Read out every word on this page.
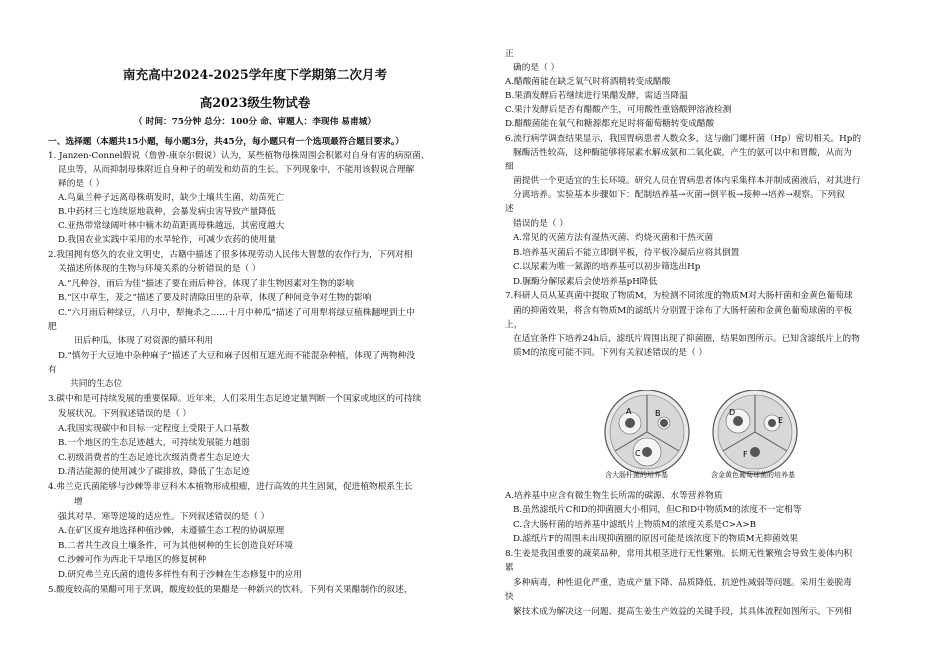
南充高中2024-2025学年度下学期第二次月考
高2023级生物试卷
（ 时间：75分钟 总分：100分 命、审题人：李现伟 易甫城）
一、选择题（本题共15小题，每小题3分，共45分，每小题只有一个选项最符合题目要求。）
1. Janzen-Connel假说（詹曾-康奈尔假说）认为，某些植物母株周围会积累对自身有害的病原菌、
昆虫等，从而抑制母株附近自身种子的萌发和幼苗的生长。下列现象中，不能用该假说合理解
释的是（ ）
A.鸟巢兰种子远离母株萌发时，缺少土壤共生菌，幼苗死亡
B.中药材三七连续原地栽种，会暴发病虫害导致产量降低
C.亚热带常绿阔叶林中楠木幼苗距离母株越远，其密度越大
D.我国农业实践中采用的水旱轮作，可减少农药的使用量
2.我国拥有悠久的农业文明史，古籍中描述了很多体现劳动人民伟大智慧的农作行为，下列对相
关描述所体现的生物与环境关系的分析错误的是（ ）
A.“凡种谷，雨后为佳”描述了要在雨后种谷，体现了非生物因素对生物的影响
B.“区中草生，茇之”描述了要及时清除田里的杂草，体现了种间竞争对生物的影响
C.“六月雨后种绿豆，八月中，犁掩杀之……十月中种瓜”描述了可用犁将绿豆植株翻埋到土中
肥
田后种瓜，体现了对资源的循环利用
D.“慎勿于大豆地中杂种麻子”描述了大豆和麻子因相互遮光而不能混杂种植，体现了两物种没
有
共同的生态位
3.碳中和是可持续发展的重要保障。近年来，人们采用生态足迹定量判断一个国家或地区的可持续
发展状况。下列叙述错误的是（ ）
A.我国实现碳中和目标一定程度上受限于人口基数
B.一个地区的生态足迹越大，可持续发展能力越弱
C.初级消费者的生态足迹比次级消费者生态足迹大
D.清洁能源的使用减少了碳排放，降低了生态足迹
4.弗兰克氏菌能够与沙棘等非豆科木本植物形成根瘤，进行高效的共生固氮，促进植物根系生长
增
强其对旱、寒等逆境的适应性。下列叙述错误的是（ ）
A.在矿区废弃地选择种植沙棘，未遵循生态工程的协调原理
B.二者共生改良土壤条件，可为其他树种的生长创造良好环境
C.沙棘可作为西北干旱地区的修复树种
D.研究弗兰克氏菌的遗传多样性有利于沙棘在生态修复中的应用
5.酸度较高的果醋可用于烹调，酸度较低的果醋是一种新兴的饮料。下列有关果醋制作的叙述，
正
确的是（ ）
A.醋酸菌能在缺乏氧气时将酒精转变成醋酸
B.果酒发酵后若继续进行果醋发酵，需适当降温
C.果汁发酵后是否有醋酸产生，可用酸性重铬酸钾溶液检测
D.醋酸菌能在氧气和糖源都充足时将葡萄糖转变成醋酸
6.流行病学调查结果显示，我国胃病患者人数众多，这与幽门螺杆菌（Hp）密切相关。Hp的
脲酶活性较高，这种酶能够将尿素水解成氨和二氧化碳，产生的氨可以中和胃酸，从而为
细
菌提供一个更适宜的生长环境。研究人员在胃病患者体内采集样本并制成菌液后，对其进行
分离培养。实验基本步骤如下：配制培养基→灭菌→倒平板→接种→培养→观察。下列叙
述
错误的是（ ）
A.常见的灭菌方法有湿热灭菌、灼烧灭菌和干热灭菌
B.培养基灭菌后不能立即倒平板，待平板冷凝后应将其倒置
C.以尿素为唯一氮源的培养基可以初步筛选出Hp
D.脲酶分解尿素后会使培养基pH降低
7.科研人员从某真菌中提取了物质M，为检测不同浓度的物质M对大肠杆菌和金黄色葡萄球
菌的抑菌效果，将含有物质M的滤纸片分别置于涂布了大肠杆菌和金黄色葡萄球菌的平板
上，
在适宜条件下培养24h后，滤纸片周围出现了抑菌圈，结果如图所示。已知含滤纸片上的物
质M的浓度可能不同。下列有关叙述错误的是（ ）
A	B
C
D
E
F
含大肠杆菌的培养基	含金黄色葡萄球菌的培养基
A.培养基中应含有微生物生长所需的碳源、水等营养物质
B.虽然滤纸片C和D的抑菌圈大小相同，但C和D中物质M的浓度不一定相等
C.含大肠杆菌的培养基中滤纸片上物质M的浓度关系是C>A>B
D.滤纸片F的周围未出现抑菌圈的原因可能是该浓度下的物质M无抑菌效果
8.生姜是我国重要的蔬菜品种，常用其根茎进行无性繁殖。长期无性繁殖会导致生姜体内积
累
多种病毒，种性退化严重，造成产量下降、品质降低、抗逆性减弱等问题。采用生姜脱毒
快
繁技术成为解决这一问题、提高生姜生产效益的关键手段，其具体流程如图所示。下列相
